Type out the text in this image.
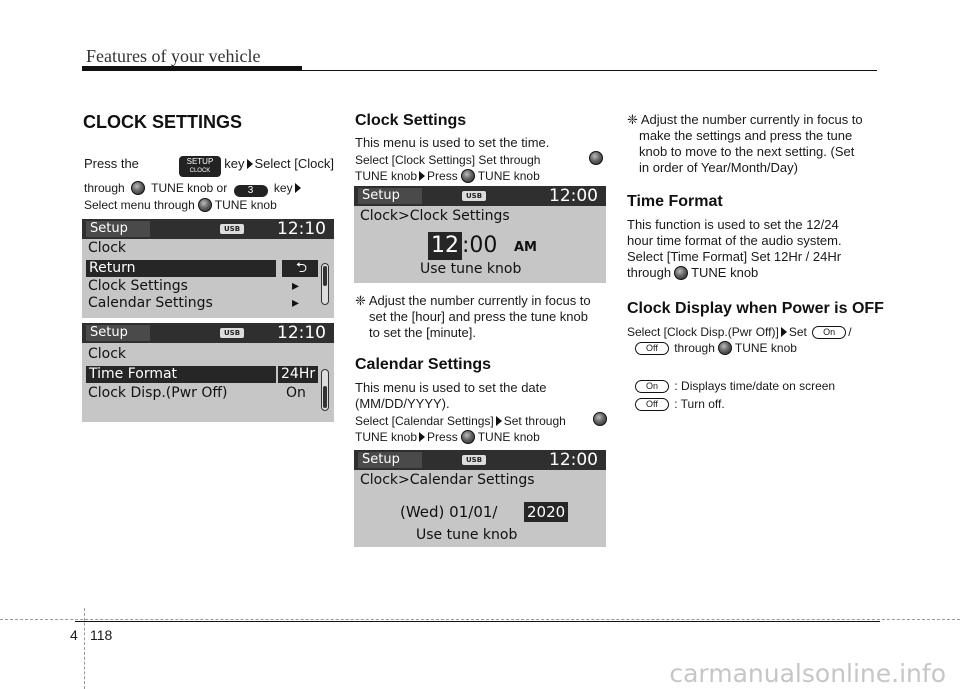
Features of your vehicle
CLOCK SETTINGS
Press the	SETUP
CLOCK key Select [Clock]
through TUNE knob or 3 key
Select menu through TUNE knob
Setup	USB 12:10
Clock
Return	⮌
Clock Settings	▸
Calendar Settings	▸
Setup	USB 12:10
Clock
Time Format	24Hr
Clock Disp.(Pwr Off)	On
Clock Settings
This menu is used to set the time.
Select [Clock Settings] Set through
TUNE knob Press TUNE knob
Setup	USB	12:00
Clock>Clock Settings
12 :00 AM
Use tune knob
❈ Adjust the number currently in focus to
set the [hour] and press the tune knob
to set the [minute].
Calendar Settings
This menu is used to set the date
(MM/DD/YYYY).
Select [Calendar Settings] Set through
TUNE knob Press TUNE knob
Setup	USB	12:00
Clock>Calendar Settings
(Wed) 01/01/ 2020
Use tune knob
❈ Adjust the number currently in focus to
make the settings and press the tune
knob to move to the next setting. (Set
in order of Year/Month/Day)
Time Format
This function is used to set the 12/24
hour time format of the audio system.
Select [Time Format] Set 12Hr / 24Hr
through TUNE knob
Clock Display when Power is OFF
Select [Clock Disp.(Pwr Off)] Set On /
Off through TUNE knob
On : Displays time/date on screen
Off : Turn off.
4 118
carmanualsonline.info
